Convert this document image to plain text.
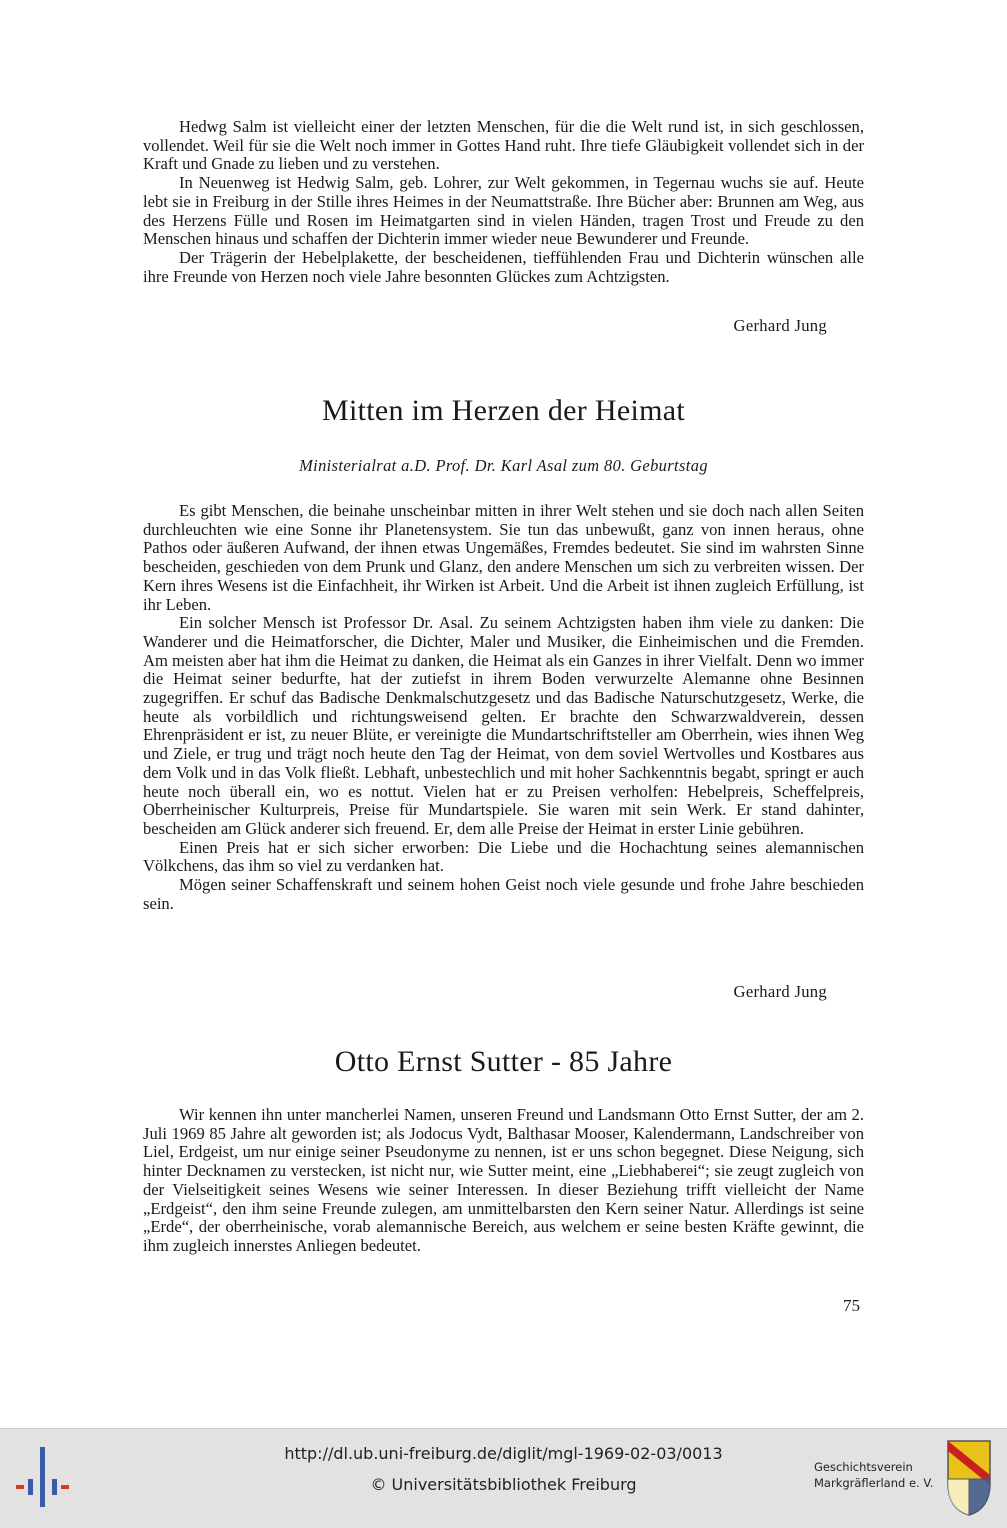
Hedwg Salm ist vielleicht einer der letzten Menschen, für die die Welt rund ist, in sich geschlossen, vollendet. Weil für sie die Welt noch immer in Gottes Hand ruht. Ihre tiefe Gläubigkeit vollendet sich in der Kraft und Gnade zu lieben und zu verstehen.

In Neuenweg ist Hedwig Salm, geb. Lohrer, zur Welt gekommen, in Tegernau wuchs sie auf. Heute lebt sie in Freiburg in der Stille ihres Heimes in der Neumattstraße. Ihre Bücher aber: Brunnen am Weg, aus des Herzens Fülle und Rosen im Heimatgarten sind in vielen Händen, tragen Trost und Freude zu den Menschen hinaus und schaffen der Dichterin immer wieder neue Bewunderer und Freunde.

Der Trägerin der Hebelplakette, der bescheidenen, tieffühlenden Frau und Dichterin wünschen alle ihre Freunde von Herzen noch viele Jahre besonnten Glückes zum Achtzigsten.

Gerhard Jung
Mitten im Herzen der Heimat
Ministerialrat a.D. Prof. Dr. Karl Asal zum 80. Geburtstag

Es gibt Menschen, die beinahe unscheinbar mitten in ihrer Welt stehen und sie doch nach allen Seiten durchleuchten wie eine Sonne ihr Planetensystem. Sie tun das unbewußt, ganz von innen heraus, ohne Pathos oder äußeren Aufwand, der ihnen etwas Ungemäßes, Fremdes bedeutet. Sie sind im wahrsten Sinne bescheiden, geschieden von dem Prunk und Glanz, den andere Menschen um sich zu verbreiten wissen. Der Kern ihres Wesens ist die Einfachheit, ihr Wirken ist Arbeit. Und die Arbeit ist ihnen zugleich Erfüllung, ist ihr Leben.

Ein solcher Mensch ist Professor Dr. Asal. Zu seinem Achtzigsten haben ihm viele zu danken: Die Wanderer und die Heimatforscher, die Dichter, Maler und Musiker, die Einheimischen und die Fremden. Am meisten aber hat ihm die Heimat zu danken, die Heimat als ein Ganzes in ihrer Vielfalt. Denn wo immer die Heimat seiner bedurfte, hat der zutiefst in ihrem Boden verwurzelte Alemanne ohne Besinnen zugegriffen. Er schuf das Badische Denkmalschutzgesetz und das Badische Naturschutzgesetz, Werke, die heute als vorbildlich und richtungsweisend gelten. Er brachte den Schwarzwaldverein, dessen Ehrenpräsident er ist, zu neuer Blüte, er vereinigte die Mundartschriftsteller am Oberrhein, wies ihnen Weg und Ziele, er trug und trägt noch heute den Tag der Heimat, von dem soviel Wertvolles und Kostbares aus dem Volk und in das Volk fließt. Lebhaft, unbestechlich und mit hoher Sachkenntnis begabt, springt er auch heute noch überall ein, wo es nottut. Vielen hat er zu Preisen verholfen: Hebelpreis, Scheffelpreis, Oberrheinischer Kulturpreis, Preise für Mundartspiele. Sie waren mit sein Werk. Er stand dahinter, bescheiden am Glück anderer sich freuend. Er, dem alle Preise der Heimat in erster Linie gebühren.

Einen Preis hat er sich sicher erworben: Die Liebe und die Hochachtung seines alemannischen Völkchens, das ihm so viel zu verdanken hat.

Mögen seiner Schaffenskraft und seinem hohen Geist noch viele gesunde und frohe Jahre beschieden sein.

Gerhard Jung
Otto Ernst Sutter - 85 Jahre

Wir kennen ihn unter mancherlei Namen, unseren Freund und Landsmann Otto Ernst Sutter, der am 2. Juli 1969 85 Jahre alt geworden ist; als Jodocus Vydt, Balthasar Mooser, Kalendermann, Landschreiber von Liel, Erdgeist, um nur einige seiner Pseudonyme zu nennen, ist er uns schon begegnet. Diese Neigung, sich hinter Decknamen zu verstecken, ist nicht nur, wie Sutter meint, eine „Liebhaberei“; sie zeugt zugleich von der Vielseitigkeit seines Wesens wie seiner Interessen. In dieser Beziehung trifft vielleicht der Name „Erdgeist“, den ihm seine Freunde zulegen, am unmittelbarsten den Kern seiner Natur. Allerdings ist seine „Erde“, der oberrheinische, vorab alemannische Bereich, aus welchem er seine besten Kräfte gewinnt, die ihm zugleich innerstes Anliegen bedeutet.

75
http://dl.ub.uni-freiburg.de/diglit/mgl-1969-02-03/0013
© Universitätsbibliothek Freiburg
Geschichtsverein
Markgräflerland e. V.
